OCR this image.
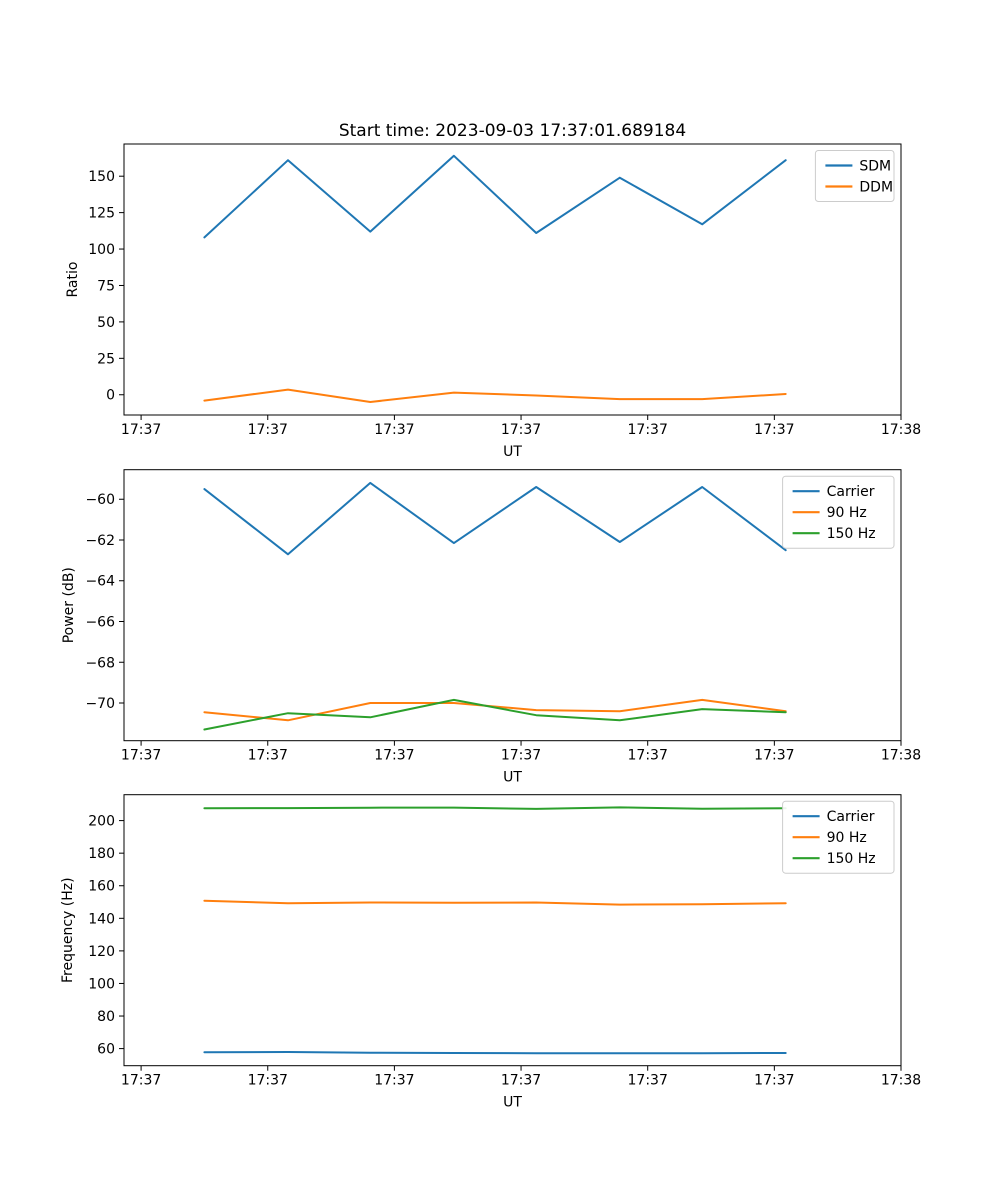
Start time: 2023-09-03 17:37:01.689184
17:37	17:37	17:37	17:37	17:37	17:37	17:38
0
25
50
75
100
125
150
UT
Ratio
SDM
DDM
17:37	17:37	17:37	17:37	17:37	17:37	17:38
−60
−62
−64
−66
−68
−70
UT
Power (dB)
Carrier
90 Hz
150 Hz
17:37	17:37	17:37	17:37	17:37	17:37	17:38
60
80
100
120
140
160
180
200
UT
Frequency (Hz)
Carrier
90 Hz
150 Hz
